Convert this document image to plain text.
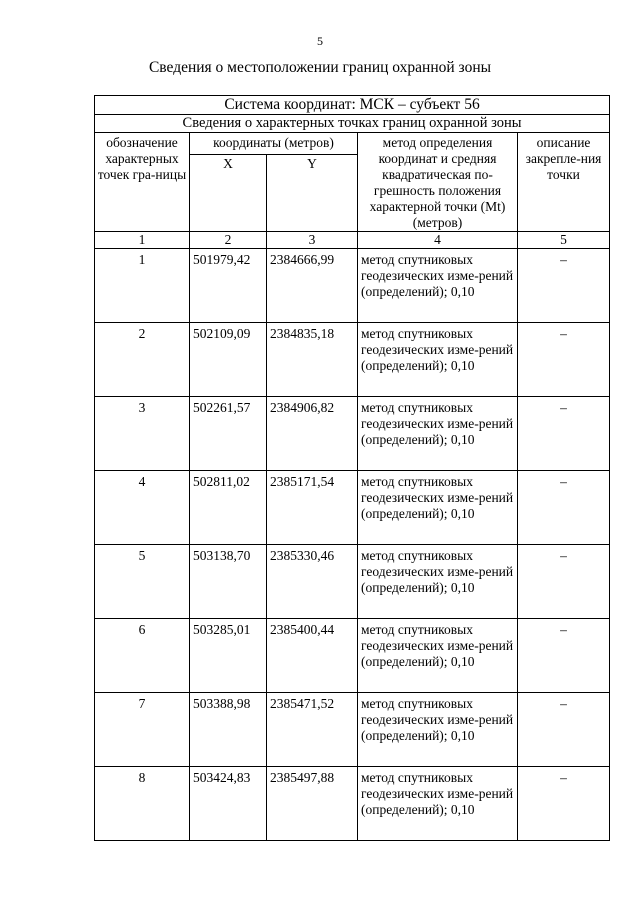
5
Сведения о местоположении границ охранной зоны
Система координат: МСК – субъект 56				
Сведения о характерных точках границ охранной зоны				
обозначение характерных точек гра-ницы	координаты (метров)		метод определения координат и средняя квадратическая по-грешность положения характерной точки (Mt) (метров)	описание закрепле-ния точки
	X	Y		
1	2	3	4	5
1	501979,42	2384666,99	метод спутниковых геодезических изме-рений (определений); 0,10	–
2	502109,09	2384835,18	метод спутниковых геодезических изме-рений (определений); 0,10	–
3	502261,57	2384906,82	метод спутниковых геодезических изме-рений (определений); 0,10	–
4	502811,02	2385171,54	метод спутниковых геодезических изме-рений (определений); 0,10	–
5	503138,70	2385330,46	метод спутниковых геодезических изме-рений (определений); 0,10	–
6	503285,01	2385400,44	метод спутниковых геодезических изме-рений (определений); 0,10	–
7	503388,98	2385471,52	метод спутниковых геодезических изме-рений (определений); 0,10	–
8	503424,83	2385497,88	метод спутниковых геодезических изме-рений (определений); 0,10	–
